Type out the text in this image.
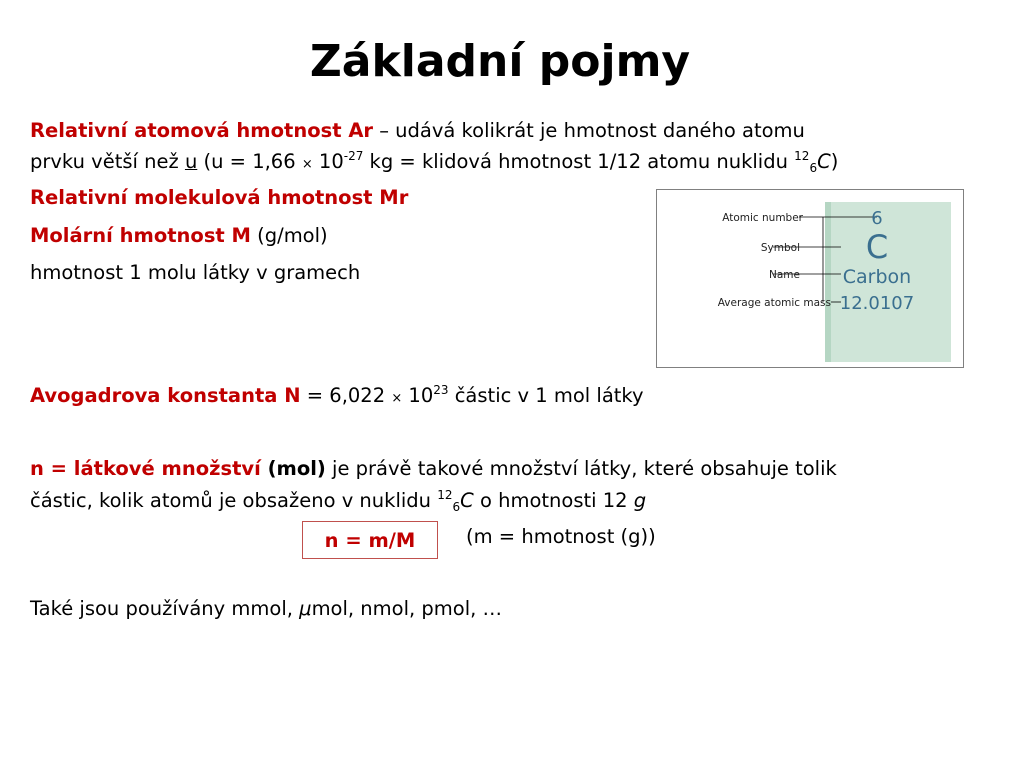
Základní pojmy
Relativní atomová hmotnost Ar – udává kolikrát je hmotnost daného atomu
prvku větší než u ($u = 1,66 \times 10^{-27}$ kg = klidová hmotnost 1/12 atomu nuklidu $^{12}_6$C)
Relativní molekulová hmotnost Mr
Molární hmotnost M (g/mol)
hmotnost 1 molu látky v gramech
Atomic number
Symbol
Name
Average atomic mass
6
C
Carbon
12.0107
Avogadrova konstanta $N = 6,022 \times 10^{23}$ částic v 1 mol látky
n = látkové množství (mol) je právě takové množství látky, které obsahuje tolik
částic, kolik atomů je obsaženo v nuklidu $^{12}_6$C o hmotnosti 12 g
n = m/M	(m = hmotnost (g))
Také jsou používány mmol, μmol, nmol, pmol, …
